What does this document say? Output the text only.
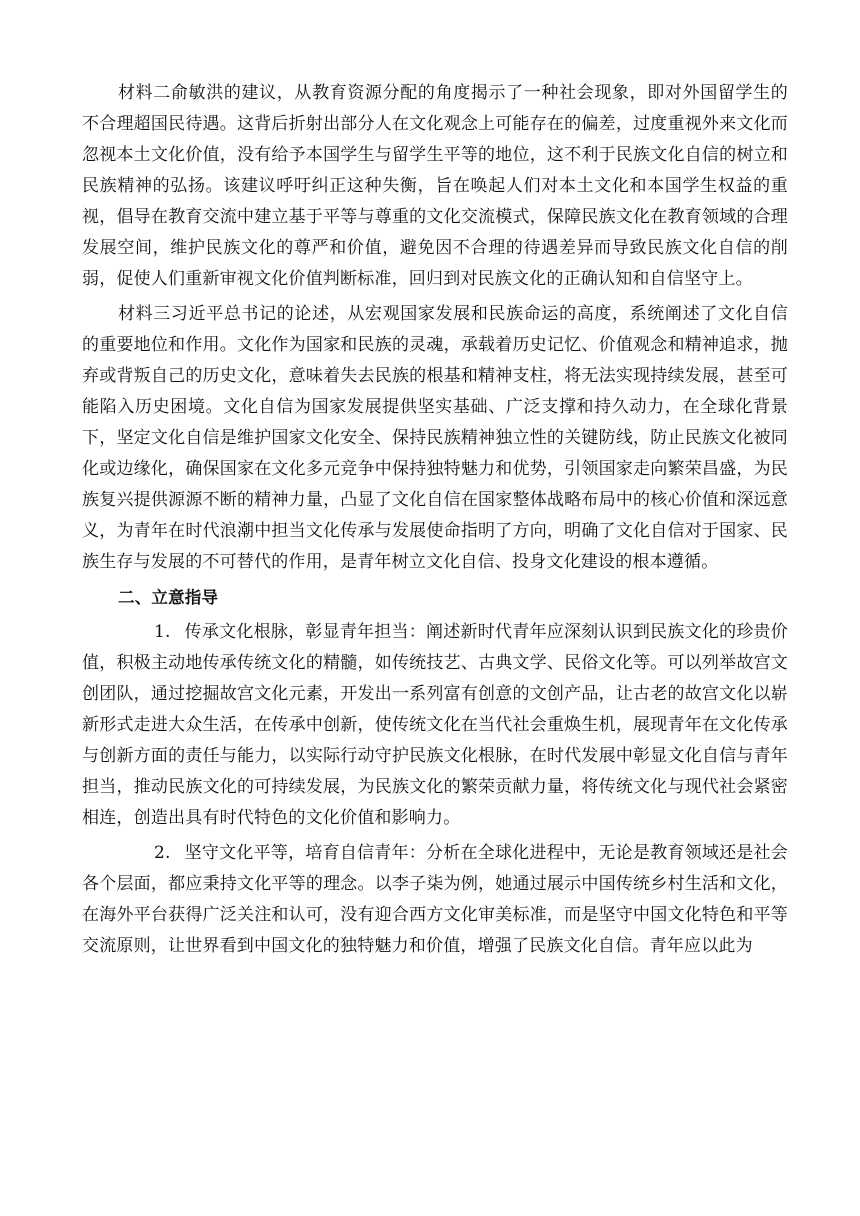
材料二俞敏洪的建议，从教育资源分配的角度揭示了一种社会现象，即对外国留学生的不合理超国民待遇。这背后折射出部分人在文化观念上可能存在的偏差，过度重视外来文化而忽视本土文化价值，没有给予本国学生与留学生平等的地位，这不利于民族文化自信的树立和民族精神的弘扬。该建议呼吁纠正这种失衡，旨在唤起人们对本土文化和本国学生权益的重视，倡导在教育交流中建立基于平等与尊重的文化交流模式，保障民族文化在教育领域的合理发展空间，维护民族文化的尊严和价值，避免因不合理的待遇差异而导致民族文化自信的削弱，促使人们重新审视文化价值判断标准，回归到对民族文化的正确认知和自信坚守上。

材料三习近平总书记的论述，从宏观国家发展和民族命运的高度，系统阐述了文化自信的重要地位和作用。文化作为国家和民族的灵魂，承载着历史记忆、价值观念和精神追求，抛弃或背叛自己的历史文化，意味着失去民族的根基和精神支柱，将无法实现持续发展，甚至可能陷入历史困境。文化自信为国家发展提供坚实基础、广泛支撑和持久动力，在全球化背景下，坚定文化自信是维护国家文化安全、保持民族精神独立性的关键防线，防止民族文化被同化或边缘化，确保国家在文化多元竞争中保持独特魅力和优势，引领国家走向繁荣昌盛，为民族复兴提供源源不断的精神力量，凸显了文化自信在国家整体战略布局中的核心价值和深远意义，为青年在时代浪潮中担当文化传承与发展使命指明了方向，明确了文化自信对于国家、民族生存与发展的不可替代的作用，是青年树立文化自信、投身文化建设的根本遵循。

二、立意指导

1. 传承文化根脉，彰显青年担当：阐述新时代青年应深刻认识到民族文化的珍贵价值，积极主动地传承传统文化的精髓，如传统技艺、古典文学、民俗文化等。可以列举故宫文创团队，通过挖掘故宫文化元素，开发出一系列富有创意的文创产品，让古老的故宫文化以崭新形式走进大众生活，在传承中创新，使传统文化在当代社会重焕生机，展现青年在文化传承与创新方面的责任与能力，以实际行动守护民族文化根脉，在时代发展中彰显文化自信与青年担当，推动民族文化的可持续发展，为民族文化的繁荣贡献力量，将传统文化与现代社会紧密相连，创造出具有时代特色的文化价值和影响力。

2. 坚守文化平等，培育自信青年：分析在全球化进程中，无论是教育领域还是社会各个层面，都应秉持文化平等的理念。以李子柒为例，她通过展示中国传统乡村生活和文化，在海外平台获得广泛关注和认可，没有迎合西方文化审美标准，而是坚守中国文化特色和平等交流原则，让世界看到中国文化的独特魅力和价值，增强了民族文化自信。青年应以此为
